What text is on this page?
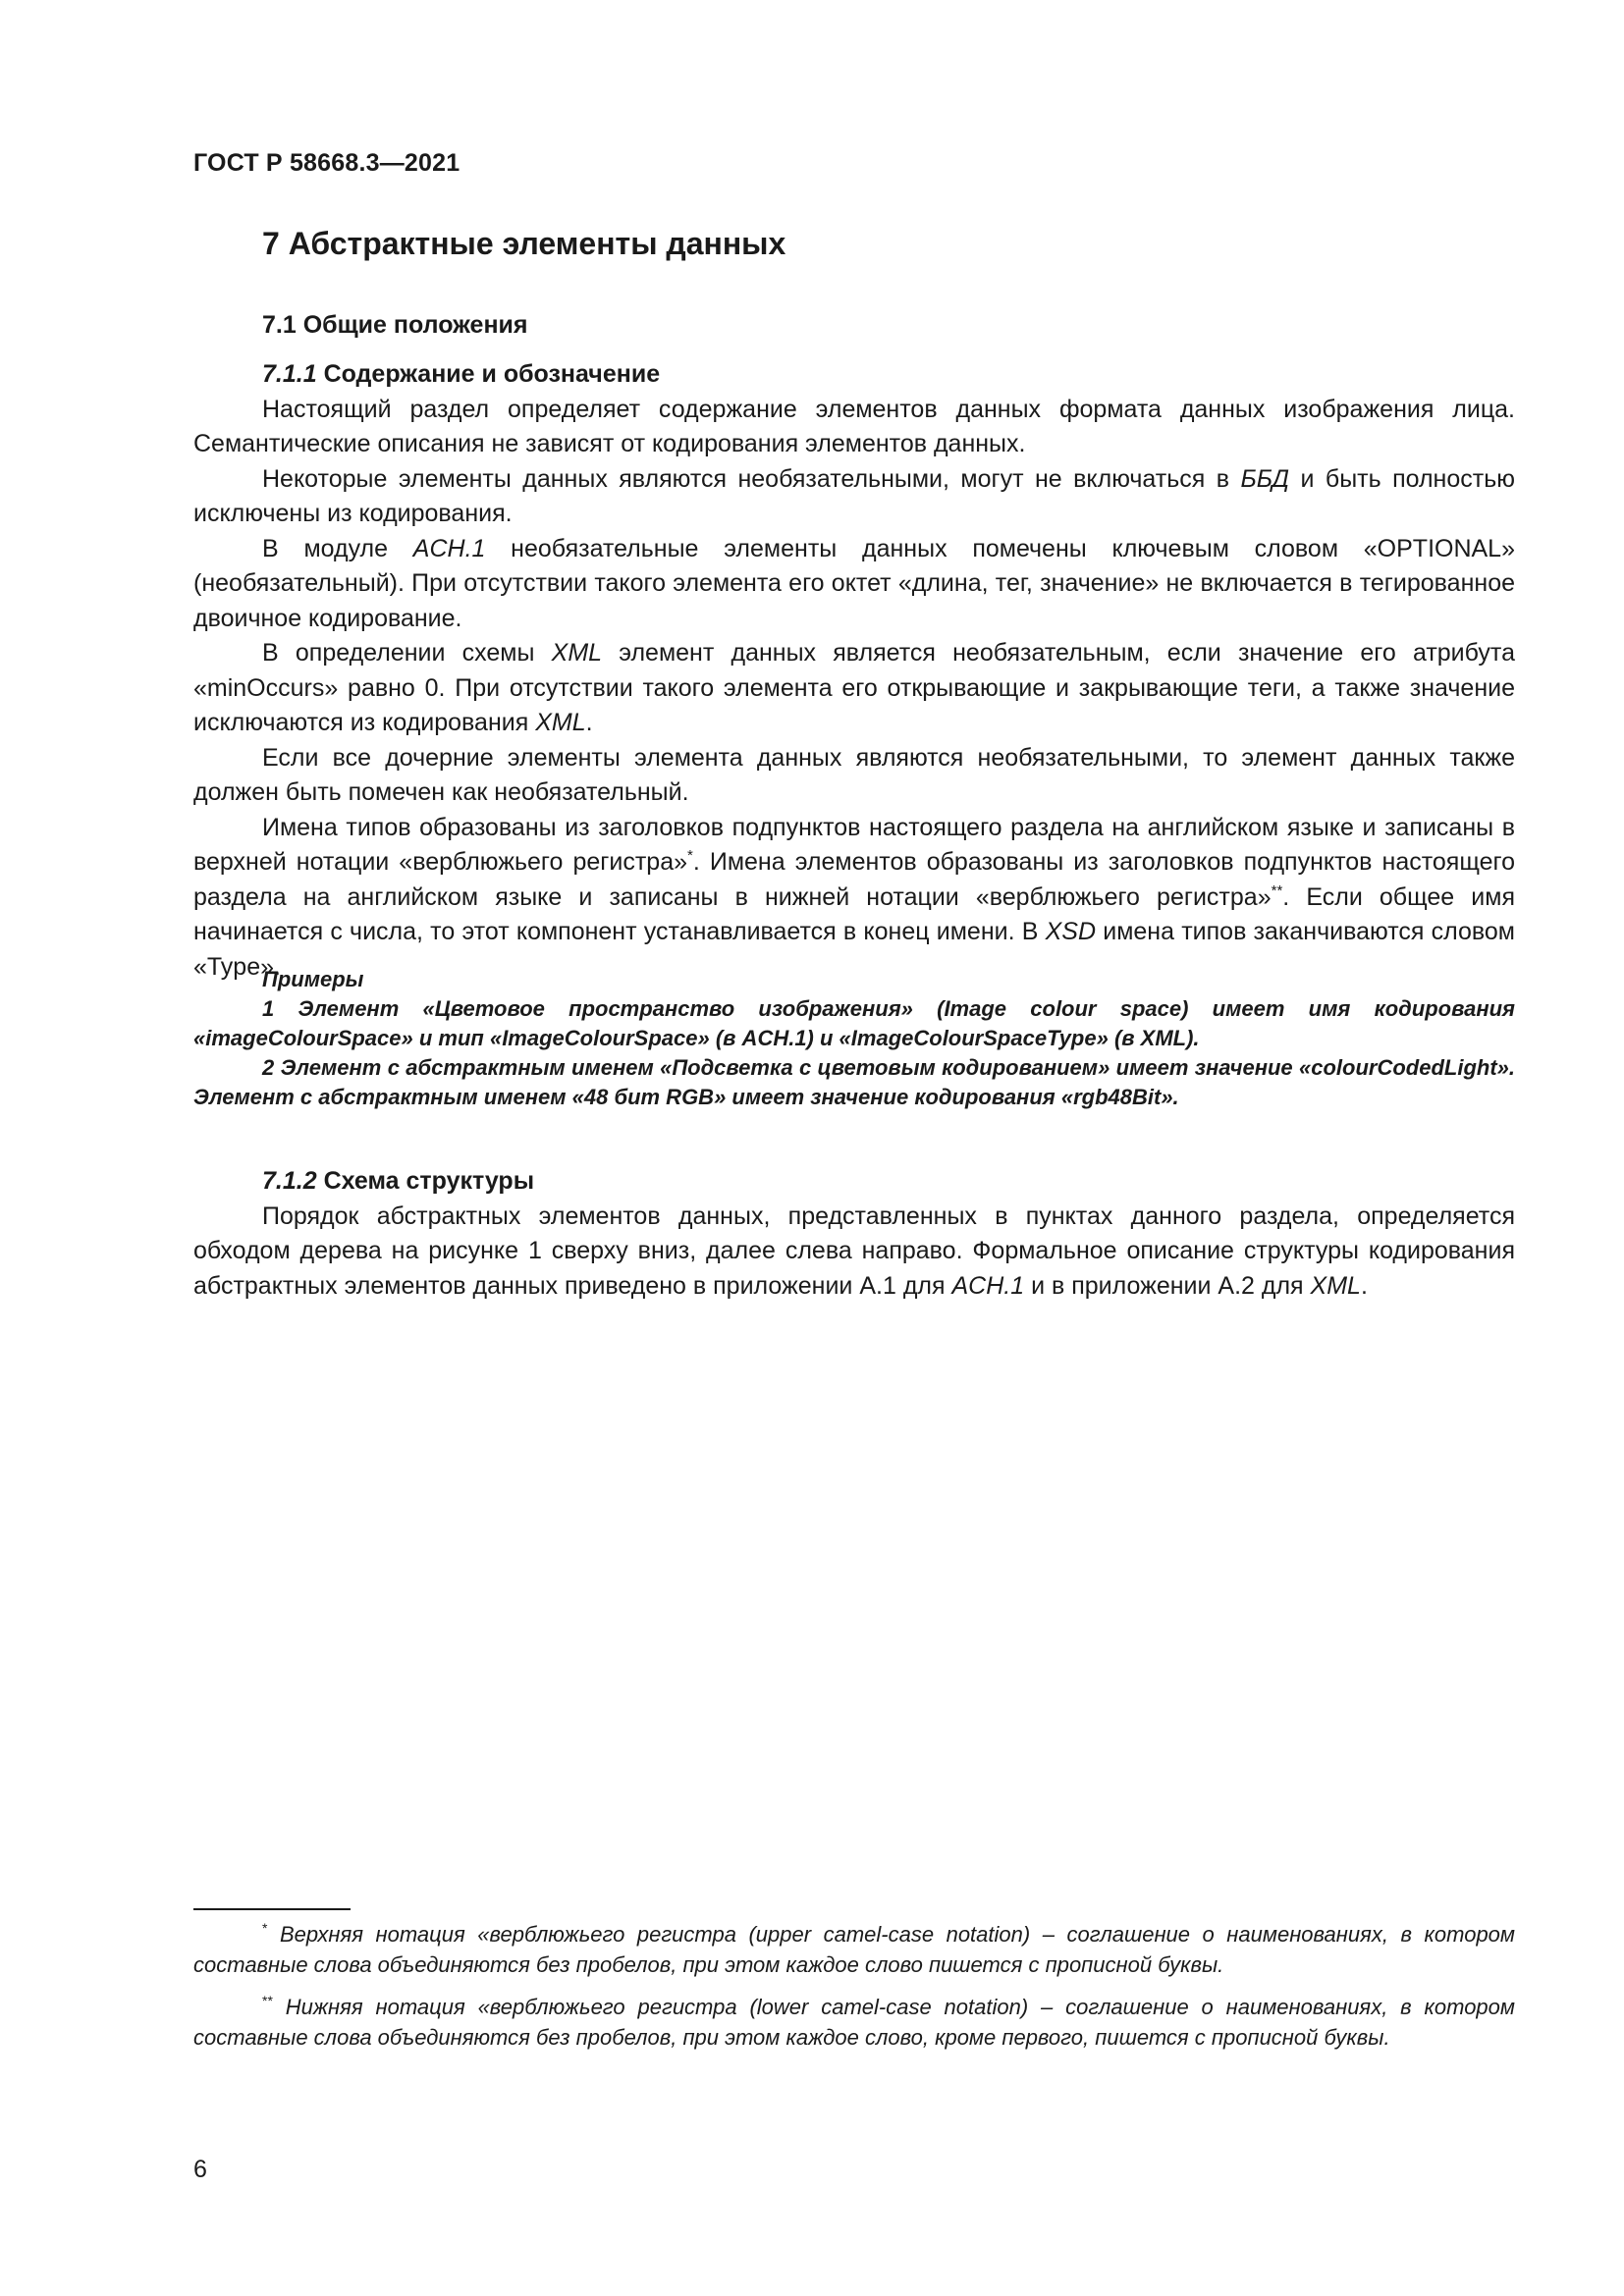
ГОСТ Р 58668.3—2021
7 Абстрактные элементы данных
7.1 Общие положения
7.1.1 Содержание и обозначение

Настоящий раздел определяет содержание элементов данных формата данных изображения лица. Семантические описания не зависят от кодирования элементов данных.

Некоторые элементы данных являются необязательными, могут не включаться в ББД и быть полностью исключены из кодирования.

В модуле ACH.1 необязательные элементы данных помечены ключевым словом «OPTIONAL» (необязательный). При отсутствии такого элемента его октет «длина, тег, значение» не включается в тегированное двоичное кодирование.

В определении схемы XML элемент данных является необязательным, если значение его атрибута «minOccurs» равно 0. При отсутствии такого элемента его открывающие и закрывающие теги, а также значение исключаются из кодирования XML.

Если все дочерние элементы элемента данных являются необязательными, то элемент данных также должен быть помечен как необязательный.

Имена типов образованы из заголовков подпунктов настоящего раздела на английском языке и записаны в верхней нотации «верблюжьего регистра»*. Имена элементов образованы из заголовков подпунктов настоящего раздела на английском языке и записаны в нижней нотации «верблюжьего регистра»**. Если общее имя начинается с числа, то этот компонент устанавливается в конец имени. В XSD имена типов заканчиваются словом «Type».

Примеры

1 Элемент «Цветовое пространство изображения» (Image colour space) имеет имя кодирования «imageColourSpace» и тип «ImageColourSpace» (в ACH.1) и «ImageColourSpaceType» (в XML).

2 Элемент с абстрактным именем «Подсветка с цветовым кодированием» имеет значение «colourCodedLight». Элемент с абстрактным именем «48 бит RGB» имеет значение кодирования «rgb48Bit».

7.1.2 Схема структуры

Порядок абстрактных элементов данных, представленных в пунктах данного раздела, определяется обходом дерева на рисунке 1 сверху вниз, далее слева направо. Формальное описание структуры кодирования абстрактных элементов данных приведено в приложении А.1 для ACH.1 и в приложении А.2 для XML.

* Верхняя нотация «верблюжьего регистра (upper camel-case notation) – соглашение о наименованиях, в котором составные слова объединяются без пробелов, при этом каждое слово пишется с прописной буквы.

** Нижняя нотация «верблюжьего регистра (lower camel-case notation) – соглашение о наименованиях, в котором составные слова объединяются без пробелов, при этом каждое слово, кроме первого, пишется с прописной буквы.

6
